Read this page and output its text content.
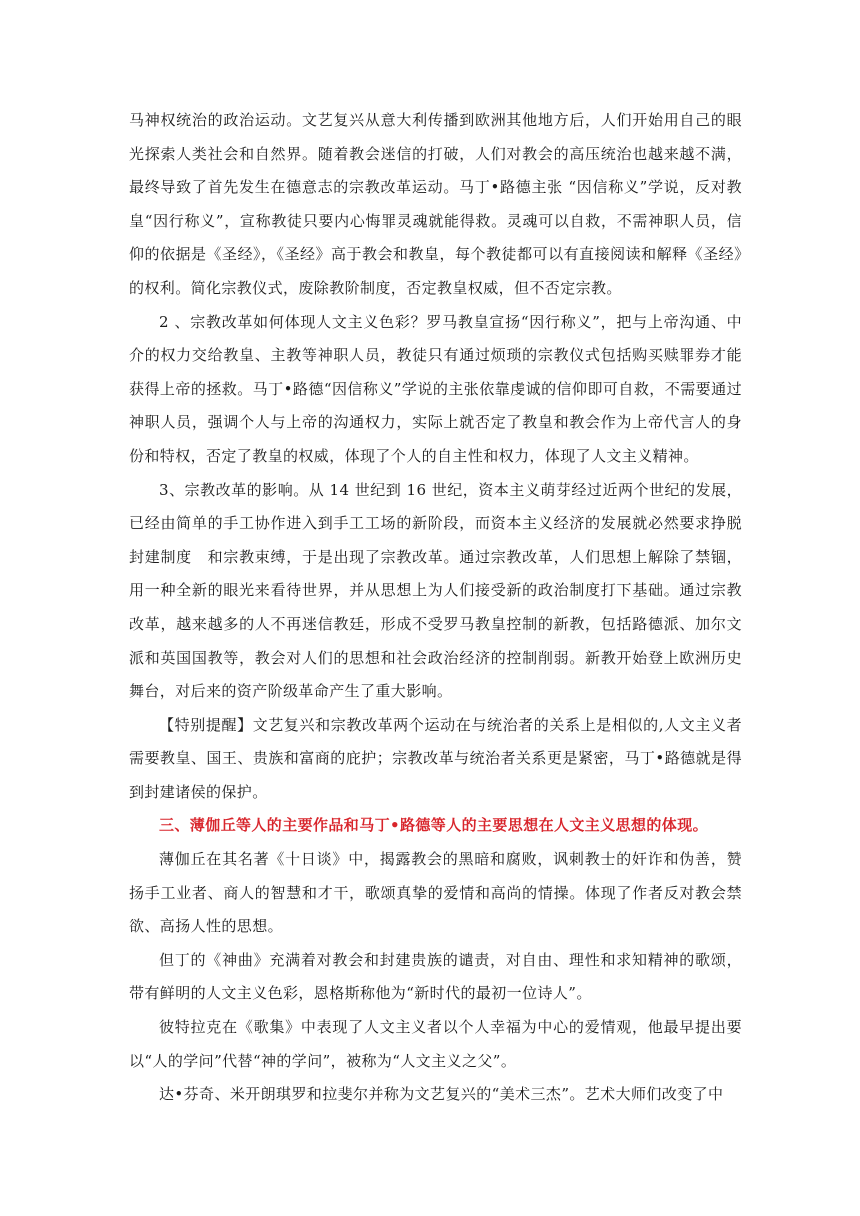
马神权统治的政治运动。文艺复兴从意大利传播到欧洲其他地方后，人们开始用自己的眼光探索人类社会和自然界。随着教会迷信的打破，人们对教会的高压统治也越来越不满，最终导致了首先发生在德意志的宗教改革运动。马丁•路德主张 “因信称义”学说，反对教皇“因行称义”，宣称教徒只要内心悔罪灵魂就能得救。灵魂可以自救，不需神职人员，信仰的依据是《圣经》，《圣经》高于教会和教皇，每个教徒都可以有直接阅读和解释《圣经》的权利。简化宗教仪式，废除教阶制度，否定教皇权威，但不否定宗教。

2 、宗教改革如何体现人文主义色彩？罗马教皇宣扬“因行称义”，把与上帝沟通、中介的权力交给教皇、主教等神职人员，教徒只有通过烦琐的宗教仪式包括购买赎罪券才能获得上帝的拯救。马丁•路德“因信称义”学说的主张依靠虔诚的信仰即可自救，不需要通过神职人员，强调个人与上帝的沟通权力，实际上就否定了教皇和教会作为上帝代言人的身份和特权，否定了教皇的权威，体现了个人的自主性和权力，体现了人文主义精神。

3、宗教改革的影响。从 14 世纪到 16 世纪，资本主义萌芽经过近两个世纪的发展，已经由简单的手工协作进入到手工工场的新阶段，而资本主义经济的发展就必然要求挣脱封建制度　和宗教束缚，于是出现了宗教改革。通过宗教改革，人们思想上解除了禁锢，用一种全新的眼光来看待世界，并从思想上为人们接受新的政治制度打下基础。通过宗教改革，越来越多的人不再迷信教廷，形成不受罗马教皇控制的新教，包括路德派、加尔文派和英国国教等，教会对人们的思想和社会政治经济的控制削弱。新教开始登上欧洲历史舞台，对后来的资产阶级革命产生了重大影响。

【特别提醒】文艺复兴和宗教改革两个运动在与统治者的关系上是相似的,人文主义者需要教皇、国王、贵族和富商的庇护；宗教改革与统治者关系更是紧密，马丁•路德就是得到封建诸侯的保护。

三、薄伽丘等人的主要作品和马丁•路德等人的主要思想在人文主义思想的体现。

薄伽丘在其名著《十日谈》中，揭露教会的黑暗和腐败，讽刺教士的奸诈和伪善，赞扬手工业者、商人的智慧和才干，歌颂真挚的爱情和高尚的情操。体现了作者反对教会禁欲、高扬人性的思想。

但丁的《神曲》充满着对教会和封建贵族的谴责，对自由、理性和求知精神的歌颂，带有鲜明的人文主义色彩，恩格斯称他为“新时代的最初一位诗人”。

彼特拉克在《歌集》中表现了人文主义者以个人幸福为中心的爱情观，他最早提出要以“人的学问”代替“神的学问”，被称为“人文主义之父”。

达•芬奇、米开朗琪罗和拉斐尔并称为文艺复兴的“美术三杰”。艺术大师们改变了中
